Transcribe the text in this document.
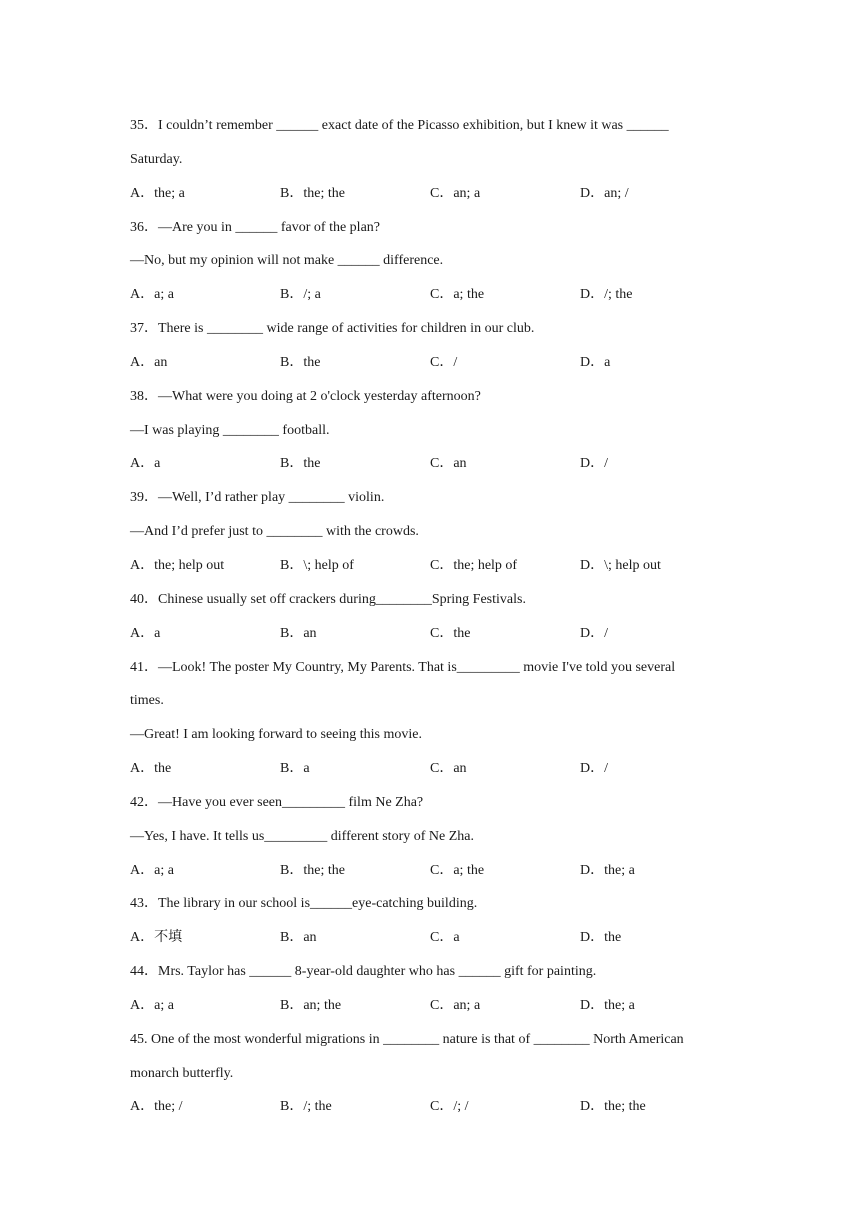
35．I couldn’t remember ______ exact date of the Picasso exhibition, but I knew it was ______
Saturday.
A．the; a	B．the; the	C．an; a	D．an; /
36．—Are you in ______ favor of the plan?
—No, but my opinion will not make ______ difference.
A．a; a	B．/; a	C．a; the	D．/; the
37．There is ________ wide range of activities for children in our club.
A．an	B．the	C．/	D．a
38．—What were you doing at 2 o'clock yesterday afternoon?
—I was playing ________ football.
A．a	B．the	C．an	D．/
39．—Well, I’d rather play ________ violin.
—And I’d prefer just to ________ with the crowds.
A．the; help out	B．\; help of	C．the; help of	D．\; help out
40．Chinese usually set off crackers during________Spring Festivals.
A．a	B．an	C．the	D．/
41．—Look! The poster My Country, My Parents. That is_________ movie I've told you several
times.
—Great! I am looking forward to seeing this movie.
A．the	B．a	C．an	D．/
42．—Have you ever seen_________ film Ne Zha?
—Yes, I have. It tells us_________ different story of Ne Zha.
A．a; a	B．the; the	C．a; the	D．the; a
43．The library in our school is______eye-catching building.
A．不填	B．an	C．a	D．the
44．Mrs. Taylor has ______ 8-year-old daughter who has ______ gift for painting.
A．a; a	B．an; the	C．an; a	D．the; a
45. One of the most wonderful migrations in ________ nature is that of ________ North American
monarch butterfly.
A．the; /	B．/; the	C．/; /	D．the; the
